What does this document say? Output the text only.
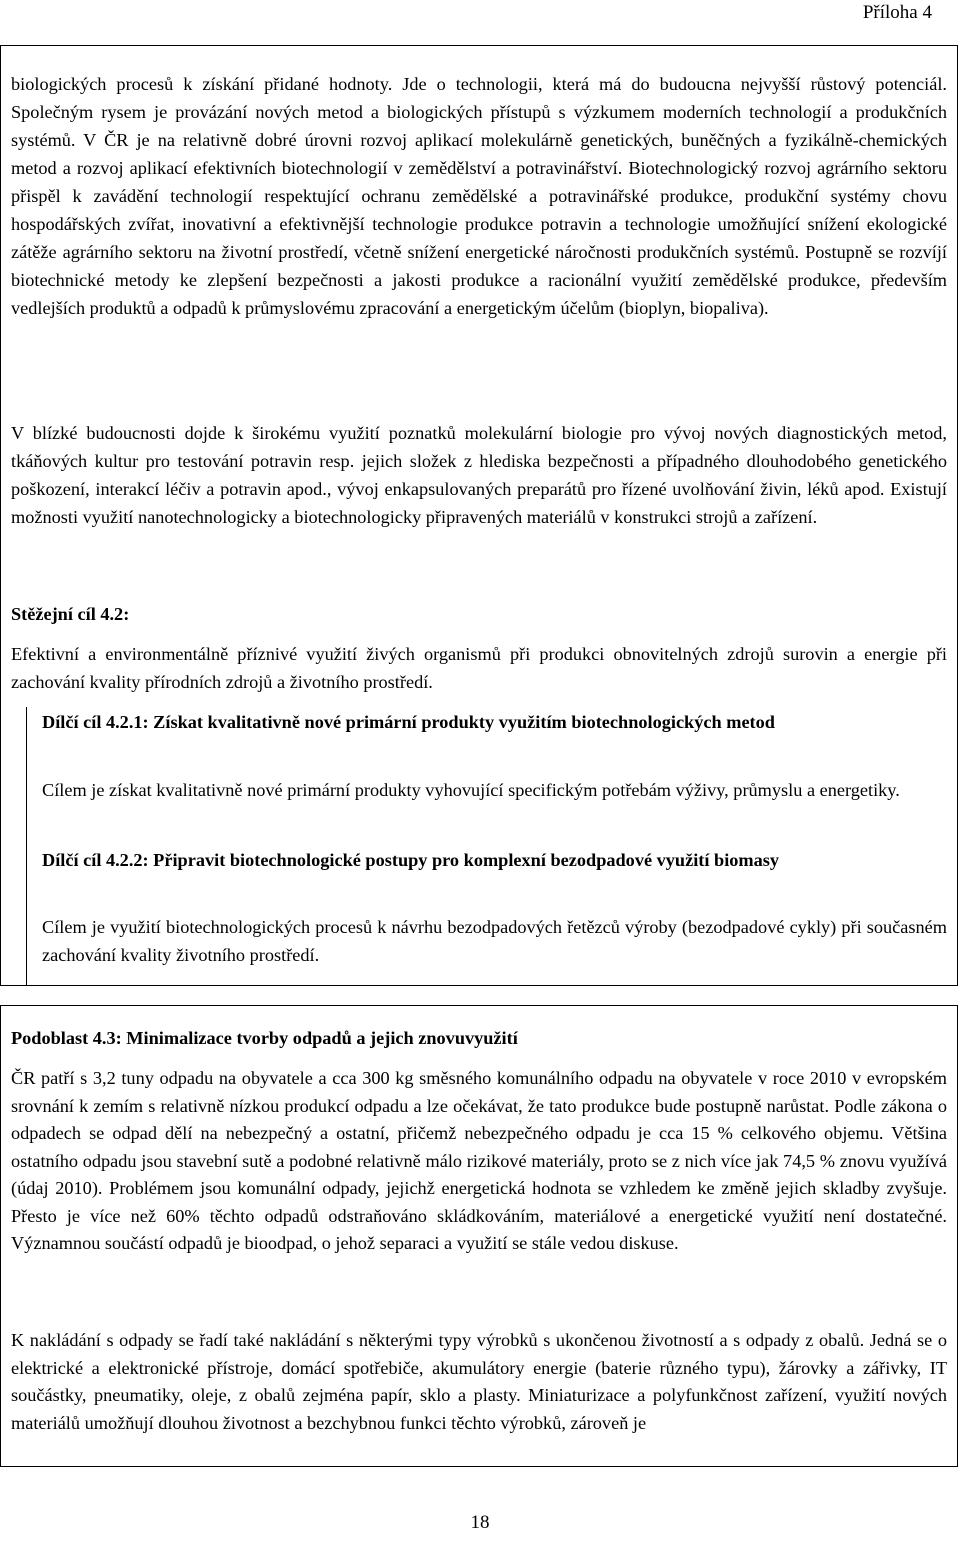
Příloha 4

biologických procesů k získání přidané hodnoty. Jde o technologii, která má do budoucna nejvyšší růstový potenciál. Společným rysem je provázání nových metod a biologických přístupů s výzkumem moderních technologií a produkčních systémů. V ČR je na relativně dobré úrovni rozvoj aplikací molekulárně genetických, buněčných a fyzikálně-chemických metod a rozvoj aplikací efektivních biotechnologií v zemědělství a potravinářství. Biotechnologický rozvoj agrárního sektoru přispěl k zavádění technologií respektující ochranu zemědělské a potravinářské produkce, produkční systémy chovu hospodářských zvířat, inovativní a efektivnější technologie produkce potravin a technologie umožňující snížení ekologické zátěže agrárního sektoru na životní prostředí, včetně snížení energetické náročnosti produkčních systémů. Postupně se rozvíjí biotechnické metody ke zlepšení bezpečnosti a jakosti produkce a racionální využití zemědělské produkce, především vedlejších produktů a odpadů k průmyslovému zpracování a energetickým účelům (bioplyn, biopaliva).

V blízké budoucnosti dojde k širokému využití poznatků molekulární biologie pro vývoj nových diagnostických metod, tkáňových kultur pro testování potravin resp. jejich složek z hlediska bezpečnosti a případného dlouhodobého genetického poškození, interakcí léčiv a potravin apod., vývoj enkapsulovaných preparátů pro řízené uvolňování živin, léků apod. Existují možnosti využití nanotechnologicky a biotechnologicky připravených materiálů v konstrukci strojů a zařízení.

Stěžejní cíl 4.2:

Efektivní a environmentálně příznivé využití živých organismů při produkci obnovitelných zdrojů surovin a energie při zachování kvality přírodních zdrojů a životního prostředí.

Dílčí cíl 4.2.1: Získat kvalitativně nové primární produkty využitím biotechnologických metod

Cílem je získat kvalitativně nové primární produkty vyhovující specifickým potřebám výživy, průmyslu a energetiky.

Dílčí cíl 4.2.2: Připravit biotechnologické postupy pro komplexní bezodpadové využití biomasy

Cílem je využití biotechnologických procesů k návrhu bezodpadových řetězců výroby (bezodpadové cykly) při současném zachování kvality životního prostředí.

Podoblast 4.3: Minimalizace tvorby odpadů a jejich znovuvyužití

ČR patří s 3,2 tuny odpadu na obyvatele a cca 300 kg směsného komunálního odpadu na obyvatele v roce 2010 v evropském srovnání k zemím s relativně nízkou produkcí odpadu a lze očekávat, že tato produkce bude postupně narůstat. Podle zákona o odpadech se odpad dělí na nebezpečný a ostatní, přičemž nebezpečného odpadu je cca 15 % celkového objemu. Většina ostatního odpadu jsou stavební sutě a podobné relativně málo rizikové materiály, proto se z nich více jak 74,5 % znovu využívá (údaj 2010). Problémem jsou komunální odpady, jejichž energetická hodnota se vzhledem ke změně jejich skladby zvyšuje. Přesto je více než 60% těchto odpadů odstraňováno skládkováním, materiálové a energetické využití není dostatečné. Významnou součástí odpadů je bioodpad, o jehož separaci a využití se stále vedou diskuse.

K nakládání s odpady se řadí také nakládání s některými typy výrobků s ukončenou životností a s odpady z obalů. Jedná se o elektrické a elektronické přístroje, domácí spotřebiče, akumulátory energie (baterie různého typu), žárovky a zářivky, IT součástky, pneumatiky, oleje, z obalů zejména papír, sklo a plasty. Miniaturizace a polyfunkčnost zařízení, využití nových materiálů umožňují dlouhou životnost a bezchybnou funkci těchto výrobků, zároveň je

18
